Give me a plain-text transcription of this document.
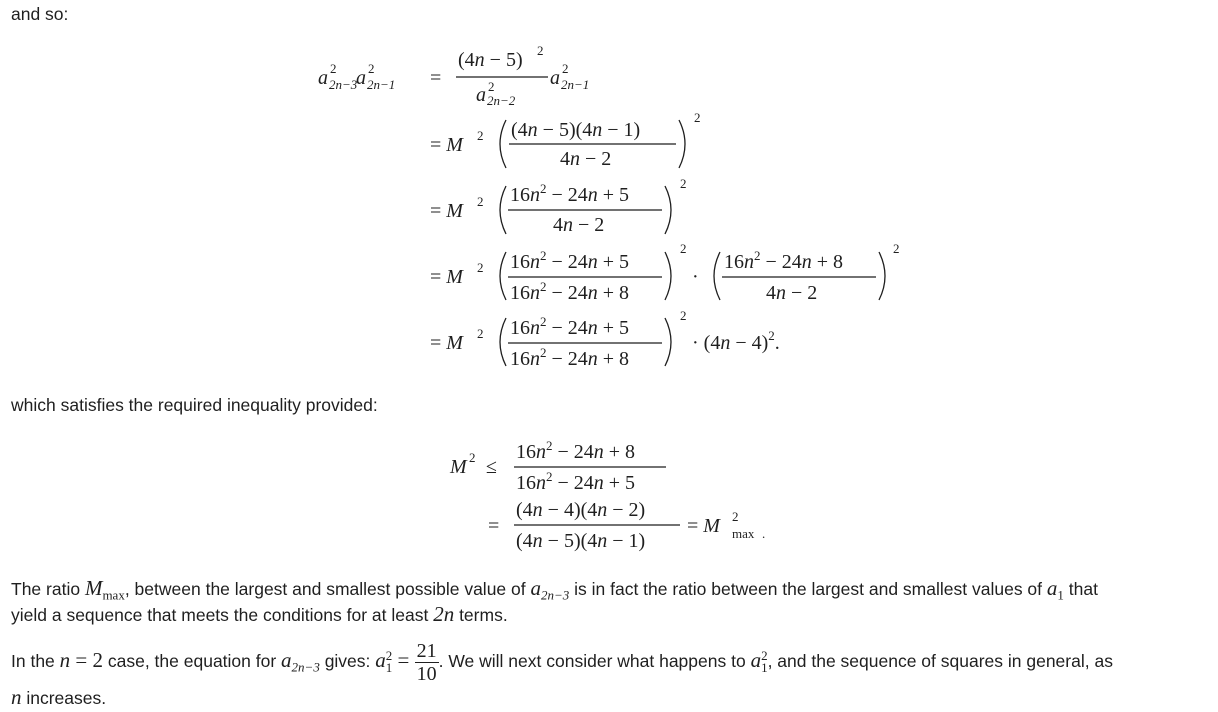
and so:
a 2
2n−3
a 2
2n−1 =
(4n − 5) 2
a 2
2n−2
a 2
2n−1
= M 2 (4n − 5)(4n − 1)
4n − 2
2
= M 2 $16n^2 - 24n + 5$
4n − 2
2
= M 2 $16n^2 - 24n + 5$
$16n^2 - 24n + 8$
2
·
$16n^2 - 24n + 8$
4n − 2
2
= M 2 $16n^2 - 24n + 5$
$16n^2 - 24n + 8$
2
· $(4n - 4)^2$.
which satisfies the required inequality provided:
M 2 ≤
$16n^2 - 24n + 8$
$16n^2 - 24n + 5$
=
(4n − 4)(4n − 2)
(4n − 5)(4n − 1)
= M 2
max .
The ratio $M_{max}$, between the largest and smallest possible value of $a_{2n-3}$ is in fact the ratio between the largest and smallest values of $a_1$ that
yield a sequence that meets the conditions for at least 2n terms.
In the n = 2 case, the equation for $a_{2n-3}$ gives: a 2
$1 = \frac{21}{10}$ . We will next consider what happens to a 2
1 , and the sequence of squares in general, as
n increases.
